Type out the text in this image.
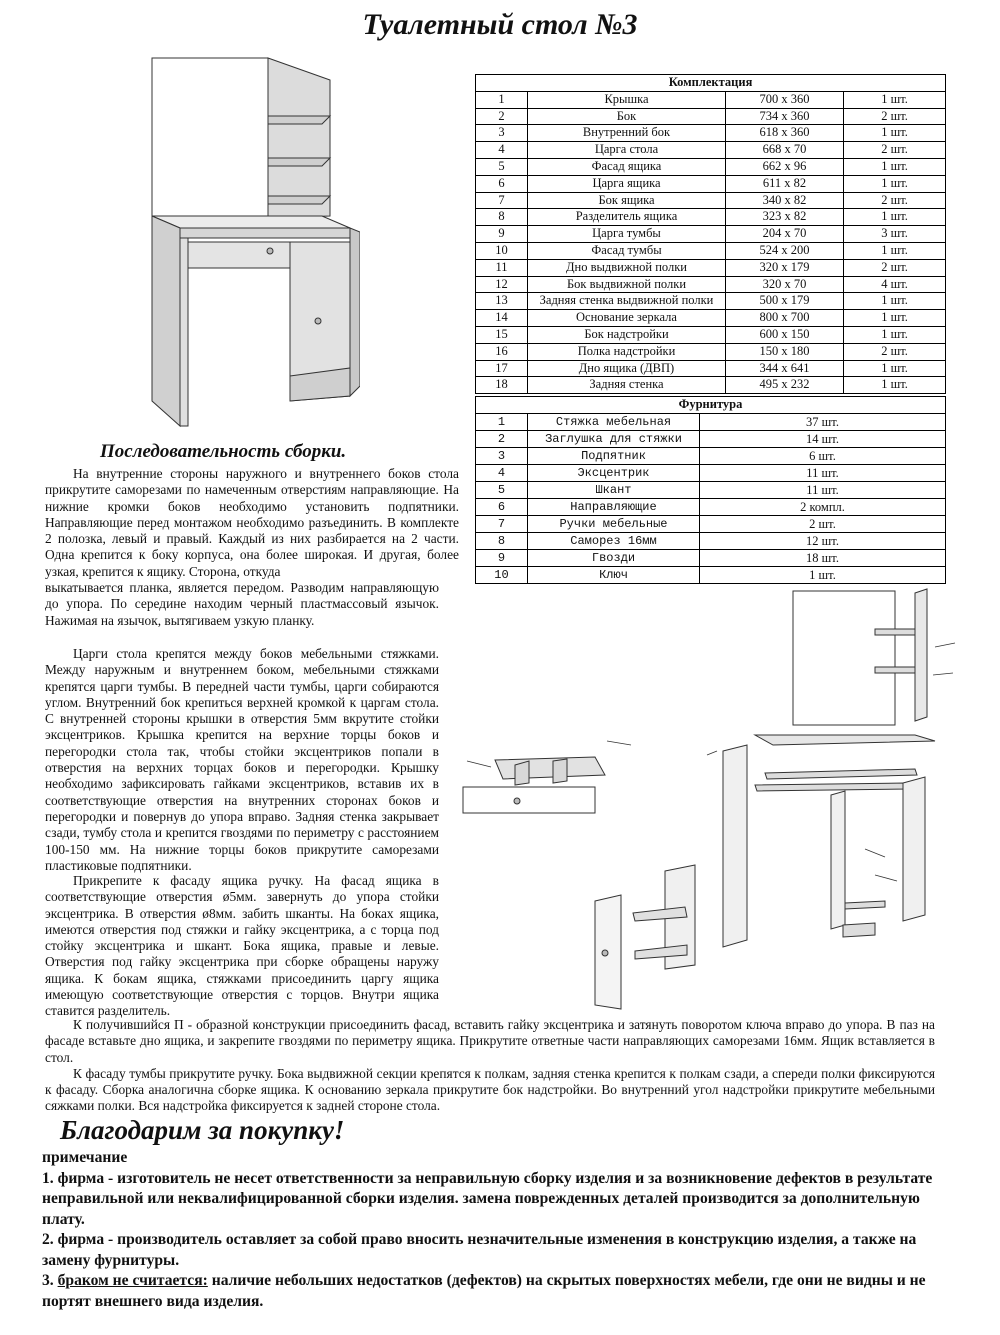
Туалетный стол №3
Комплектация			
1	Крышка	700 х 360	1 шт.
2	Бок	734 х 360	2 шт.
3	Внутренний бок	618 х 360	1 шт.
4	Царга стола	668 х 70	2 шт.
5	Фасад ящика	662 х 96	1 шт.
6	Царга ящика	611 х 82	1 шт.
7	Бок ящика	340 х 82	2 шт.
8	Разделитель ящика	323 х 82	1 шт.
9	Царга тумбы	204 х 70	3 шт.
10	Фасад тумбы	524 х 200	1 шт.
11	Дно выдвижной полки	320 х 179	2 шт.
12	Бок выдвижной полки	320 х 70	4 шт.
13	Задняя стенка выдвижной полки	500 х 179	1 шт.
14	Основание зеркала	800 х 700	1 шт.
15	Бок надстройки	600 х 150	1 шт.
16	Полка надстройки	150 х 180	2 шт.
17	Дно ящика (ДВП)	344 х 641	1 шт.
18	Задняя стенка	495 х 232	1 шт.
Фурнитура		
1	Стяжка мебельная	37 шт.
2	Заглушка для стяжки	14 шт.
3	Подпятник	6 шт.
4	Эксцентрик	11 шт.
5	Шкант	11 шт.
6	Направляющие	2 компл.
7	Ручки мебельные	2 шт.
8	Саморез 16мм	12 шт.
9	Гвозди	18 шт.
10	Ключ	1 шт.
Последовательность сборки.
На внутренние стороны наружного и внутреннего боков стола прикрутите саморезами по намеченным отверстиям направляющие. На нижние кромки боков необходимо установить подпятники. Направляющие перед монтажом необходимо разъединить. В комплекте 2 полозка, левый и правый. Каждый из них разбирается на 2 части. Одна крепится к боку корпуса, она более широкая. И другая, более узкая, крепится к ящику. Сторона, откуда
выкатывается планка, является передом. Разводим направляющую до упора. По середине находим черный пластмассовый язычок. Нажимая на язычок, вытягиваем узкую планку.
Царги стола крепятся между боков мебельными стяжками. Между наружным и внутреннем боком, мебельными стяжками крепятся царги тумбы. В передней части тумбы, царги собираются углом. Внутренний бок крепиться верхней кромкой к царгам стола. С внутренней стороны крышки в отверстия 5мм вкрутите стойки эксцентриков. Крышка крепится на верхние торцы боков и перегородки стола так, чтобы стойки эксцентриков попали в отверстия на верхних торцах боков и перегородки. Крышку необходимо зафиксировать гайками эксцентриков, вставив их в соответствующие отверстия на внутренних сторонах боков и перегородки и повернув до упора вправо. Задняя стенка закрывает сзади, тумбу стола и крепится гвоздями по периметру с расстоянием 100-150 мм. На нижние торцы боков прикрутите саморезами пластиковые подпятники.
Прикрепите к фасаду ящика ручку. На фасад ящика в соответствующие отверстия ø5мм. завернуть до упора стойки эксцентрика. В отверстия ø8мм. забить шканты. На боках ящика, имеются отверстия под стяжки и гайку эксцентрика, а с торца под стойку эксцентрика и шкант. Бока ящика, правые и левые. Отверстия под гайку эксцентрика при сборке обращены наружу ящика. К бокам ящика, стяжками присоединить царгу ящика имеющую соответствующие отверстия с торцов. Внутри ящика ставится разделитель.
К получившийся П - образной конструкции присоединить фасад, вставить гайку эксцентрика и затянуть поворотом ключа вправо до упора. В паз на фасаде вставьте дно ящика, и закрепите гвоздями по периметру ящика. Прикрутите ответные части направляющих саморезами 16мм. Ящик вставляется в стол.
К фасаду тумбы прикрутите ручку. Бока выдвижной секции крепятся к полкам, задняя стенка крепится к полкам сзади, а спереди полки фиксируются к фасаду. Сборка аналогична сборке ящика. К основанию зеркала прикрутите бок надстройки. Во внутренний угол надстройки прикрутите мебельными сяжками полки. Вся надстройка фиксируется к задней стороне стола.
Благодарим за покупку!
примечание
1. фирма - изготовитель не несет ответственности за неправильную сборку изделия и за возникновение дефектов в результате неправильной или неквалифицированной сборки изделия. замена поврежденных деталей производится за дополнительную плату.
2. фирма - производитель оставляет за собой право вносить незначительные изменения в конструкцию изделия, а также на замену фурнитуры.
3. браком не считается: наличие небольших недостатков (дефектов) на скрытых поверхностях мебели, где они не видны и не портят внешнего вида изделия.
